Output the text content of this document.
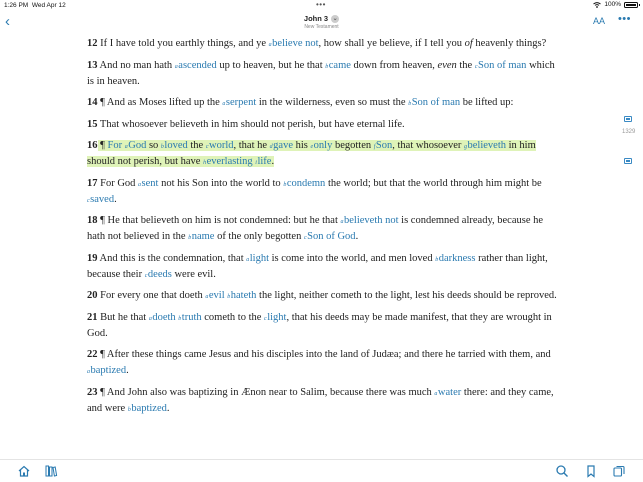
1:26 PM Wed Apr 12	•••	100%
‹	John 3 ⌄
New Testament
AA •••

12 If I have told you earthly things, and ye $^a$believe not, how shall ye believe, if I tell you of heavenly things?

13 And no man hath $^a$ascended up to heaven, but he that $^b$came down from heaven, even the $^c$Son of man which is in heaven.

14 ¶ And as Moses lifted up the $^a$serpent in the wilderness, even so must the $^b$Son of man be lifted up:

15 That whosoever believeth in him should not perish, but have eternal life.

16 ¶ For $^a$God so $^b$loved the $^c$world, that he $^d$gave his $^e$only begotten $^f$Son, that whosoever $^g$believeth in him should not perish, but have $^h$everlasting $^i$life.

17 For God $^a$sent not his Son into the world to $^b$condemn the world; but that the world through him might be $^c$saved.

18 ¶ He that believeth on him is not condemned: but he that $^a$believeth not is condemned already, because he hath not believed in the $^b$name of the only begotten $^c$Son of God.

19 And this is the condemnation, that $^a$light is come into the world, and men loved $^b$darkness rather than light, because their $^c$deeds were evil.

20 For every one that doeth $^a$evil $^b$hateth the light, neither cometh to the light, lest his deeds should be reproved.

21 But he that $^a$doeth $^b$truth cometh to the $^c$light, that his deeds may be made manifest, that they are wrought in God.

22 ¶ After these things came Jesus and his disciples into the land of Judæa; and there he tarried with them, and $^a$baptized.

23 ¶ And John also was baptizing in Ænon near to Salim, because there was much $^a$water there: and they came, and were $^b$baptized.

1329
